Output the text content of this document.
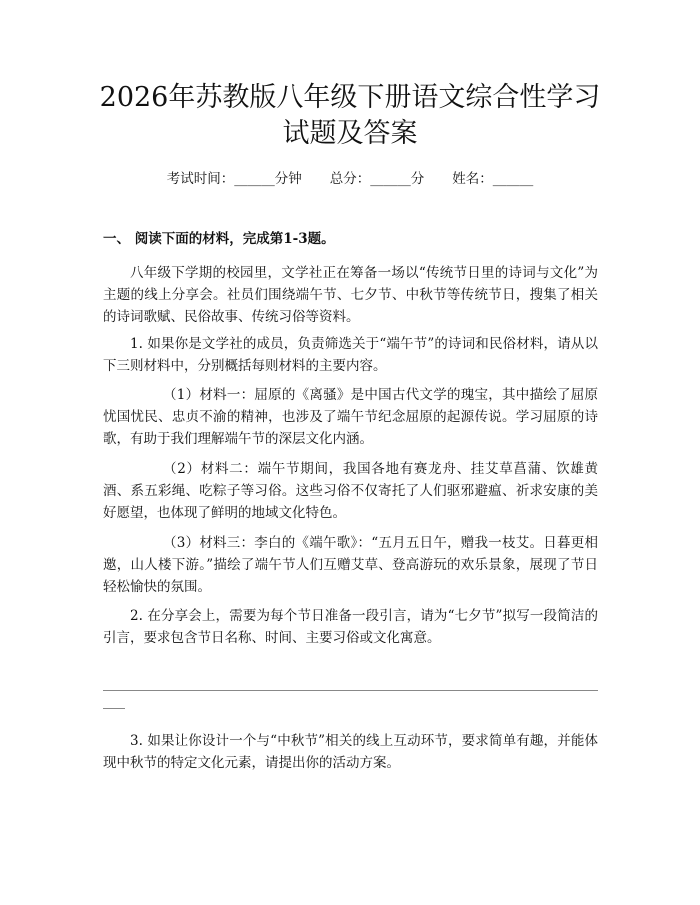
2026年苏教版八年级下册语文综合性学习试题及答案
考试时间：______分钟 总分：______分 姓名：______
一、 阅读下面的材料，完成第1-3题。

八年级下学期的校园里，文学社正在筹备一场以“传统节日里的诗词与文化”为主题的线上分享会。社员们围绕端午节、七夕节、中秋节等传统节日，搜集了相关的诗词歌赋、民俗故事、传统习俗等资料。

1. 如果你是文学社的成员，负责筛选关于“端午节”的诗词和民俗材料，请从以下三则材料中，分别概括每则材料的主要内容。

（1）材料一：屈原的《离骚》是中国古代文学的瑰宝，其中描绘了屈原忧国忧民、忠贞不渝的精神，也涉及了端午节纪念屈原的起源传说。学习屈原的诗歌，有助于我们理解端午节的深层文化内涵。

（2）材料二：端午节期间，我国各地有赛龙舟、挂艾草菖蒲、饮雄黄酒、系五彩绳、吃粽子等习俗。这些习俗不仅寄托了人们驱邪避瘟、祈求安康的美好愿望，也体现了鲜明的地域文化特色。

（3）材料三：李白的《端午歌》：“五月五日午，赠我一枝艾。日暮更相邀，山人楼下游。”描绘了端午节人们互赠艾草、登高游玩的欢乐景象，展现了节日轻松愉快的氛围。

2. 在分享会上，需要为每个节日准备一段引言，请为“七夕节”拟写一段简洁的引言，要求包含节日名称、时间、主要习俗或文化寓意。

3. 如果让你设计一个与“中秋节”相关的线上互动环节，要求简单有趣，并能体现中秋节的特定文化元素，请提出你的活动方案。
